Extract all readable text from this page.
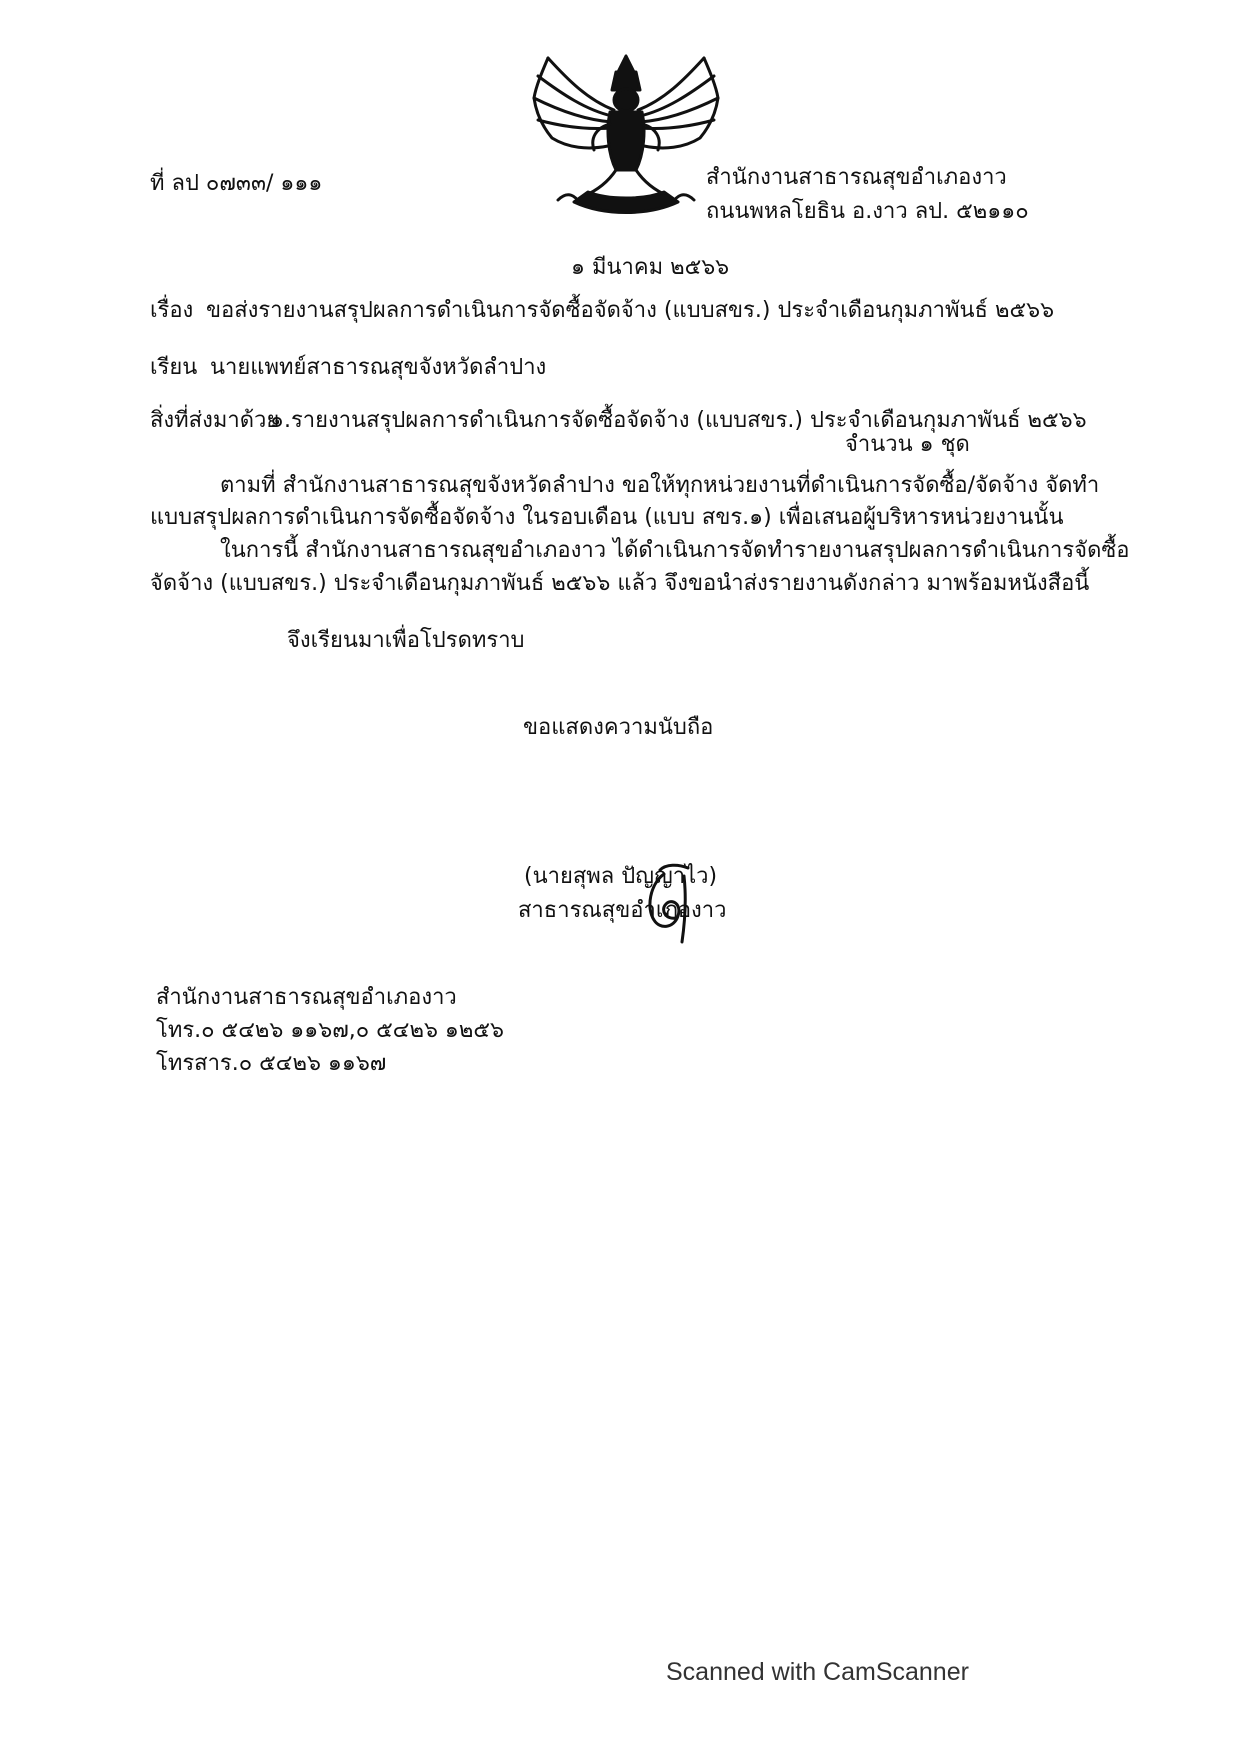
ที่ ลป ๐๗๓๓/ ๑๑๑	สำนักงานสาธารณสุขอำเภองาว
ถนนพหลโยธิน อ.งาว ลป. ๕๒๑๑๐
๑ มีนาคม ๒๕๖๖
เรื่อง ขอส่งรายงานสรุปผลการดำเนินการจัดซื้อจัดจ้าง (แบบสขร.) ประจำเดือนกุมภาพันธ์ ๒๕๖๖
เรียน นายแพทย์สาธารณสุขจังหวัดลำปาง
สิ่งที่ส่งมาด้วย
๑.รายงานสรุปผลการดำเนินการจัดซื้อจัดจ้าง (แบบสขร.) ประจำเดือนกุมภาพันธ์ ๒๕๖๖
จำนวน ๑ ชุด
ตามที่ สำนักงานสาธารณสุขจังหวัดลำปาง ขอให้ทุกหน่วยงานที่ดำเนินการจัดซื้อ/จัดจ้าง จัดทำ
แบบสรุปผลการดำเนินการจัดซื้อจัดจ้าง ในรอบเดือน (แบบ สขร.๑) เพื่อเสนอผู้บริหารหน่วยงานนั้น
ในการนี้ สำนักงานสาธารณสุขอำเภองาว ได้ดำเนินการจัดทำรายงานสรุปผลการดำเนินการจัดซื้อ
จัดจ้าง (แบบสขร.) ประจำเดือนกุมภาพันธ์ ๒๕๖๖ แล้ว จึงขอนำส่งรายงานดังกล่าว มาพร้อมหนังสือนี้
จึงเรียนมาเพื่อโปรดทราบ
ขอแสดงความนับถือ
(นายสุพล ปัญญาไว)
สาธารณสุขอำเภองาว
สำนักงานสาธารณสุขอำเภองาว
โทร.๐ ๕๔๒๖ ๑๑๖๗,๐ ๕๔๒๖ ๑๒๕๖
โทรสาร.๐ ๕๔๒๖ ๑๑๖๗
Scanned with CamScanner
